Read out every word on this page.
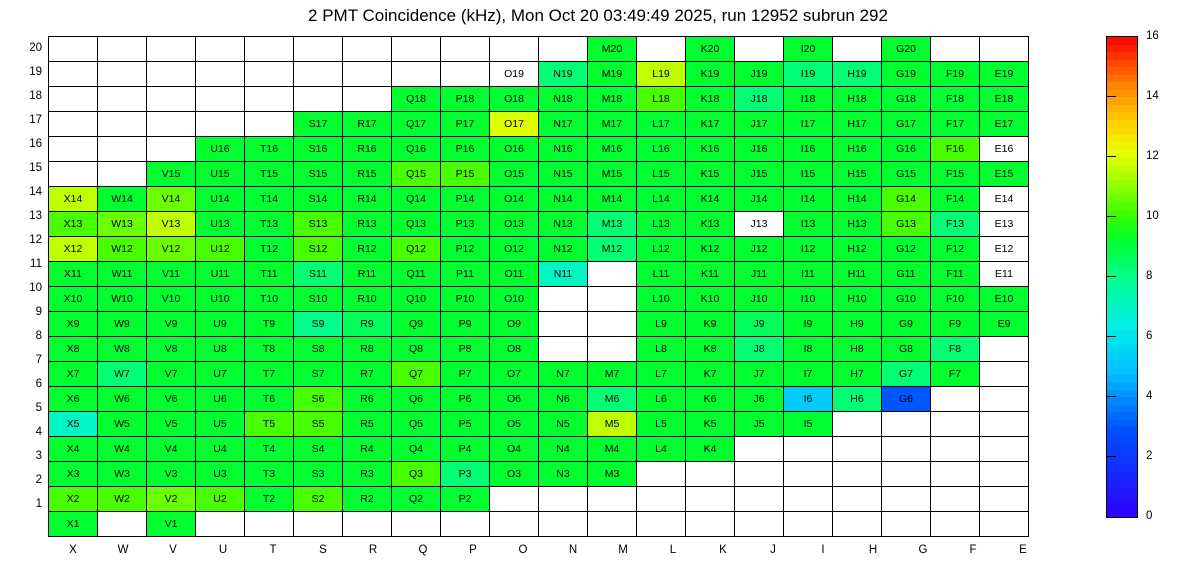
2 PMT Coincidence (kHz), Mon Oct 20 03:49:49 2025, run 12952 subrun 292
20
19
18
17
16
15
14
13
12
11
10
9
8
7
6
5
4
3
2
1
											M20		K20		I20		G20		
									O19	N19	M19	L19	K19	J19	I19	H19	G19	F19	E19
							Q18	P18	O18	N18	M18	L18	K18	J18	I18	H18	G18	F18	E18
					S17	R17	Q17	P17	O17	N17	M17	L17	K17	J17	I17	H17	G17	F17	E17
			U16	T16	S16	R16	Q16	P16	O16	N16	M16	L16	K16	J16	I16	H16	G16	F16	E16
		V15	U15	T15	S15	R15	Q15	P15	O15	N15	M15	L15	K15	J15	I15	H15	G15	F15	E15
X14	W14	V14	U14	T14	S14	R14	Q14	P14	O14	N14	M14	L14	K14	J14	I14	H14	G14	F14	E14
X13	W13	V13	U13	T13	S13	R13	Q13	P13	O13	N13	M13	L13	K13	J13	I13	H13	G13	F13	E13
X12	W12	V12	U12	T12	S12	R12	Q12	P12	O12	N12	M12	L12	K12	J12	I12	H12	G12	F12	E12
X11	W11	V11	U11	T11	S11	R11	Q11	P11	O11	N11		L11	K11	J11	I11	H11	G11	F11	E11
X10	W10	V10	U10	T10	S10	R10	Q10	P10	O10			L10	K10	J10	I10	H10	G10	F10	E10
X9	W9	V9	U9	T9	S9	R9	Q9	P9	O9			L9	K9	J9	I9	H9	G9	F9	E9
X8	W8	V8	U8	T8	S8	R8	Q8	P8	O8			L8	K8	J8	I8	H8	G8	F8	
X7	W7	V7	U7	T7	S7	R7	Q7	P7	O7	N7	M7	L7	K7	J7	I7	H7	G7	F7	
X6	W6	V6	U6	T6	S6	R6	Q6	P6	O6	N6	M6	L6	K6	J6	I6	H6	G6		
X5	W5	V5	U5	T5	S5	R5	Q5	P5	O5	N5	M5	L5	K5	J5	I5				
X4	W4	V4	U4	T4	S4	R4	Q4	P4	O4	N4	M4	L4	K4						
X3	W3	V3	U3	T3	S3	R3	Q3	P3	O3	N3	M3								
X2	W2	V2	U2	T2	S2	R2	Q2	P2											
X1		V1																	
X	W	V	U	T	S	R	Q	P	O	N	M	L	K	J	I	H	G	F	E
0
2
4
6
8
10
12
14
16
